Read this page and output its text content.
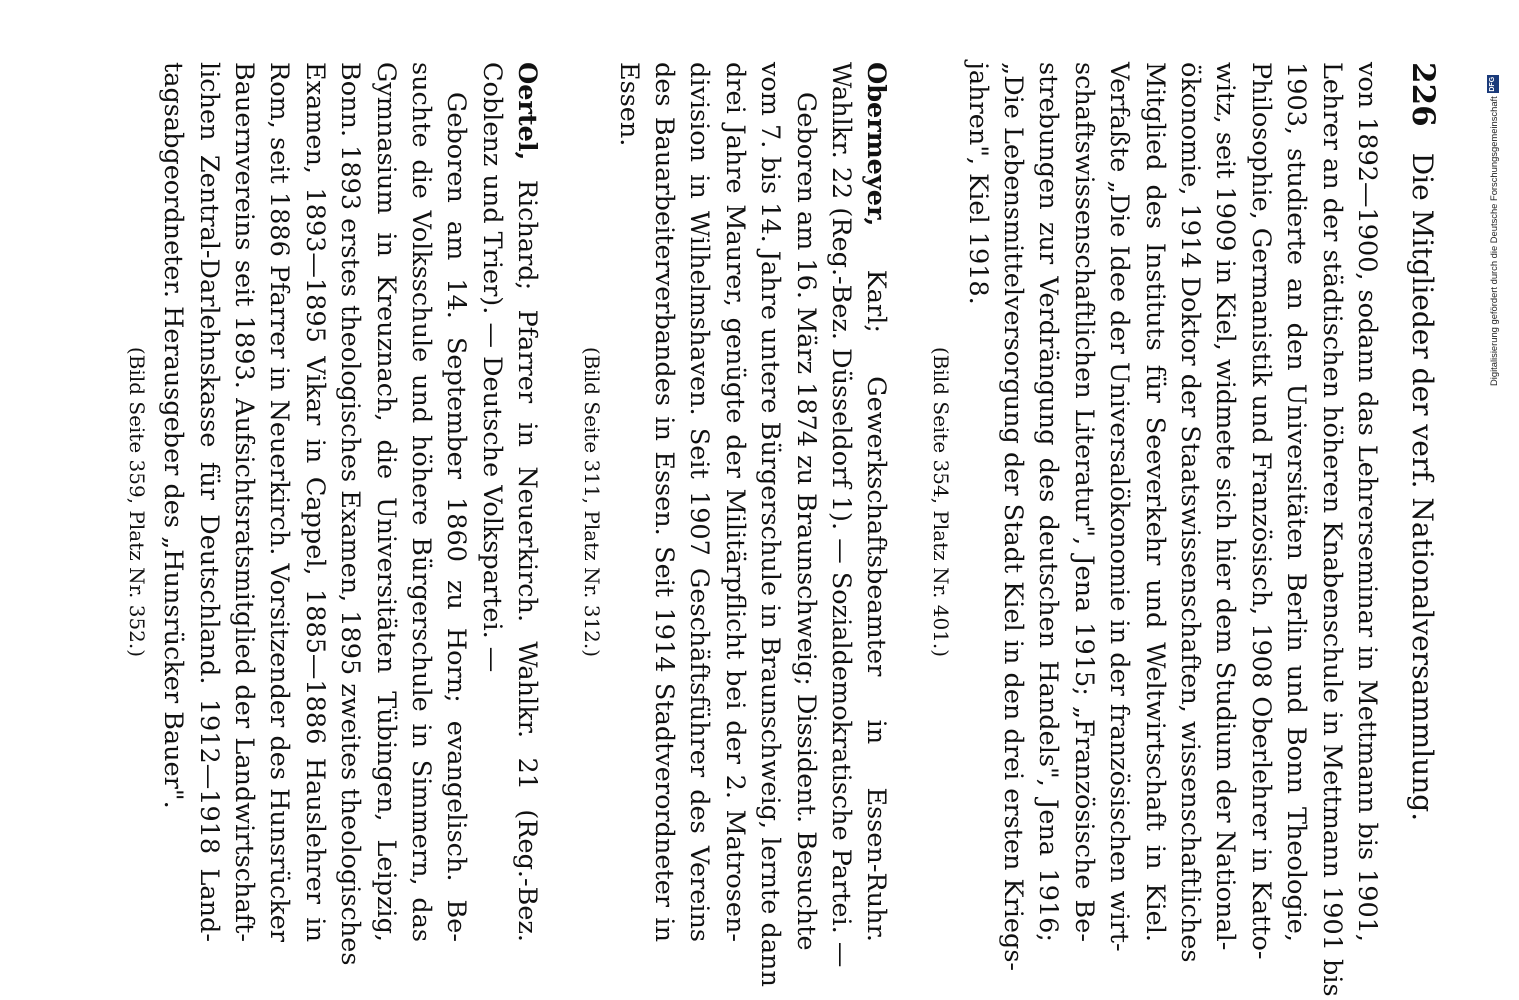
226
Die Mitglieder der verf. Nationalversammlung.
von 1892—1900, sodann das Lehrerseminar in Mettmann bis 1901,
Lehrer an der städtischen höheren Knabenschule in Mettmann 1901 bis
1903, studierte an den Universitäten Berlin und Bonn Theologie,
Philosophie, Germanistik und Französisch, 1908 Oberlehrer in Katto-
witz, seit 1909 in Kiel, widmete sich hier dem Studium der National-
ökonomie, 1914 Doktor der Staatswissenschaften, wissenschaftliches
Mitglied des Instituts für Seeverkehr und Weltwirtschaft in Kiel.
Verfaßte „Die Idee der Universalökonomie in der französischen wirt-
schaftswissenschaftlichen Literatur", Jena 1915; „Französische Be-
strebungen zur Verdrängung des deutschen Handels", Jena 1916;
„Die Lebensmittelversorgung der Stadt Kiel in den drei ersten Kriegs-
jahren", Kiel 1918.
(Bild Seite 354, Platz Nr. 401.)
Obermeyer, Karl; Gewerkschaftsbeamter in Essen-Ruhr.
Wahlkr. 22 (Reg.-Bez. Düsseldorf 1). — Sozialdemokratische Partei. —
Geboren am 16. März 1874 zu Braunschweig; Dissident. Besuchte
vom 7. bis 14. Jahre untere Bürgerschule in Braunschweig, lernte dann
drei Jahre Maurer, genügte der Militärpflicht bei der 2. Matrosen-
division in Wilhelmshaven. Seit 1907 Geschäftsführer des Vereins
des Bauarbeiterverbandes in Essen. Seit 1914 Stadtverordneter in
Essen.
(Bild Seite 311, Platz Nr. 312.)
Oertel, Richard; Pfarrer in Neuerkirch. Wahlkr. 21 (Reg.-Bez.
Coblenz und Trier). — Deutsche Volkspartei. —
Geboren am 14. September 1860 zu Horn; evangelisch. Be-
suchte die Volksschule und höhere Bürgerschule in Simmern, das
Gymnasium in Kreuznach, die Universitäten Tübingen, Leipzig,
Bonn. 1893 erstes theologisches Examen, 1895 zweites theologisches
Examen, 1893—1895 Vikar in Cappel, 1885—1886 Hauslehrer in
Rom, seit 1886 Pfarrer in Neuerkirch. Vorsitzender des Hunsrücker
Bauernvereins seit 1893. Aufsichtsratsmitglied der Landwirtschaft-
lichen Zentral-Darlehnskasse für Deutschland. 1912—1918 Land-
tagsabgeordneter. Herausgeber des „Hunsrücker Bauer".
(Bild Seite 359, Platz Nr. 352.)
Digitalisierung gefördert durch die Deutsche Forschungsgemeinschaft
DFG
